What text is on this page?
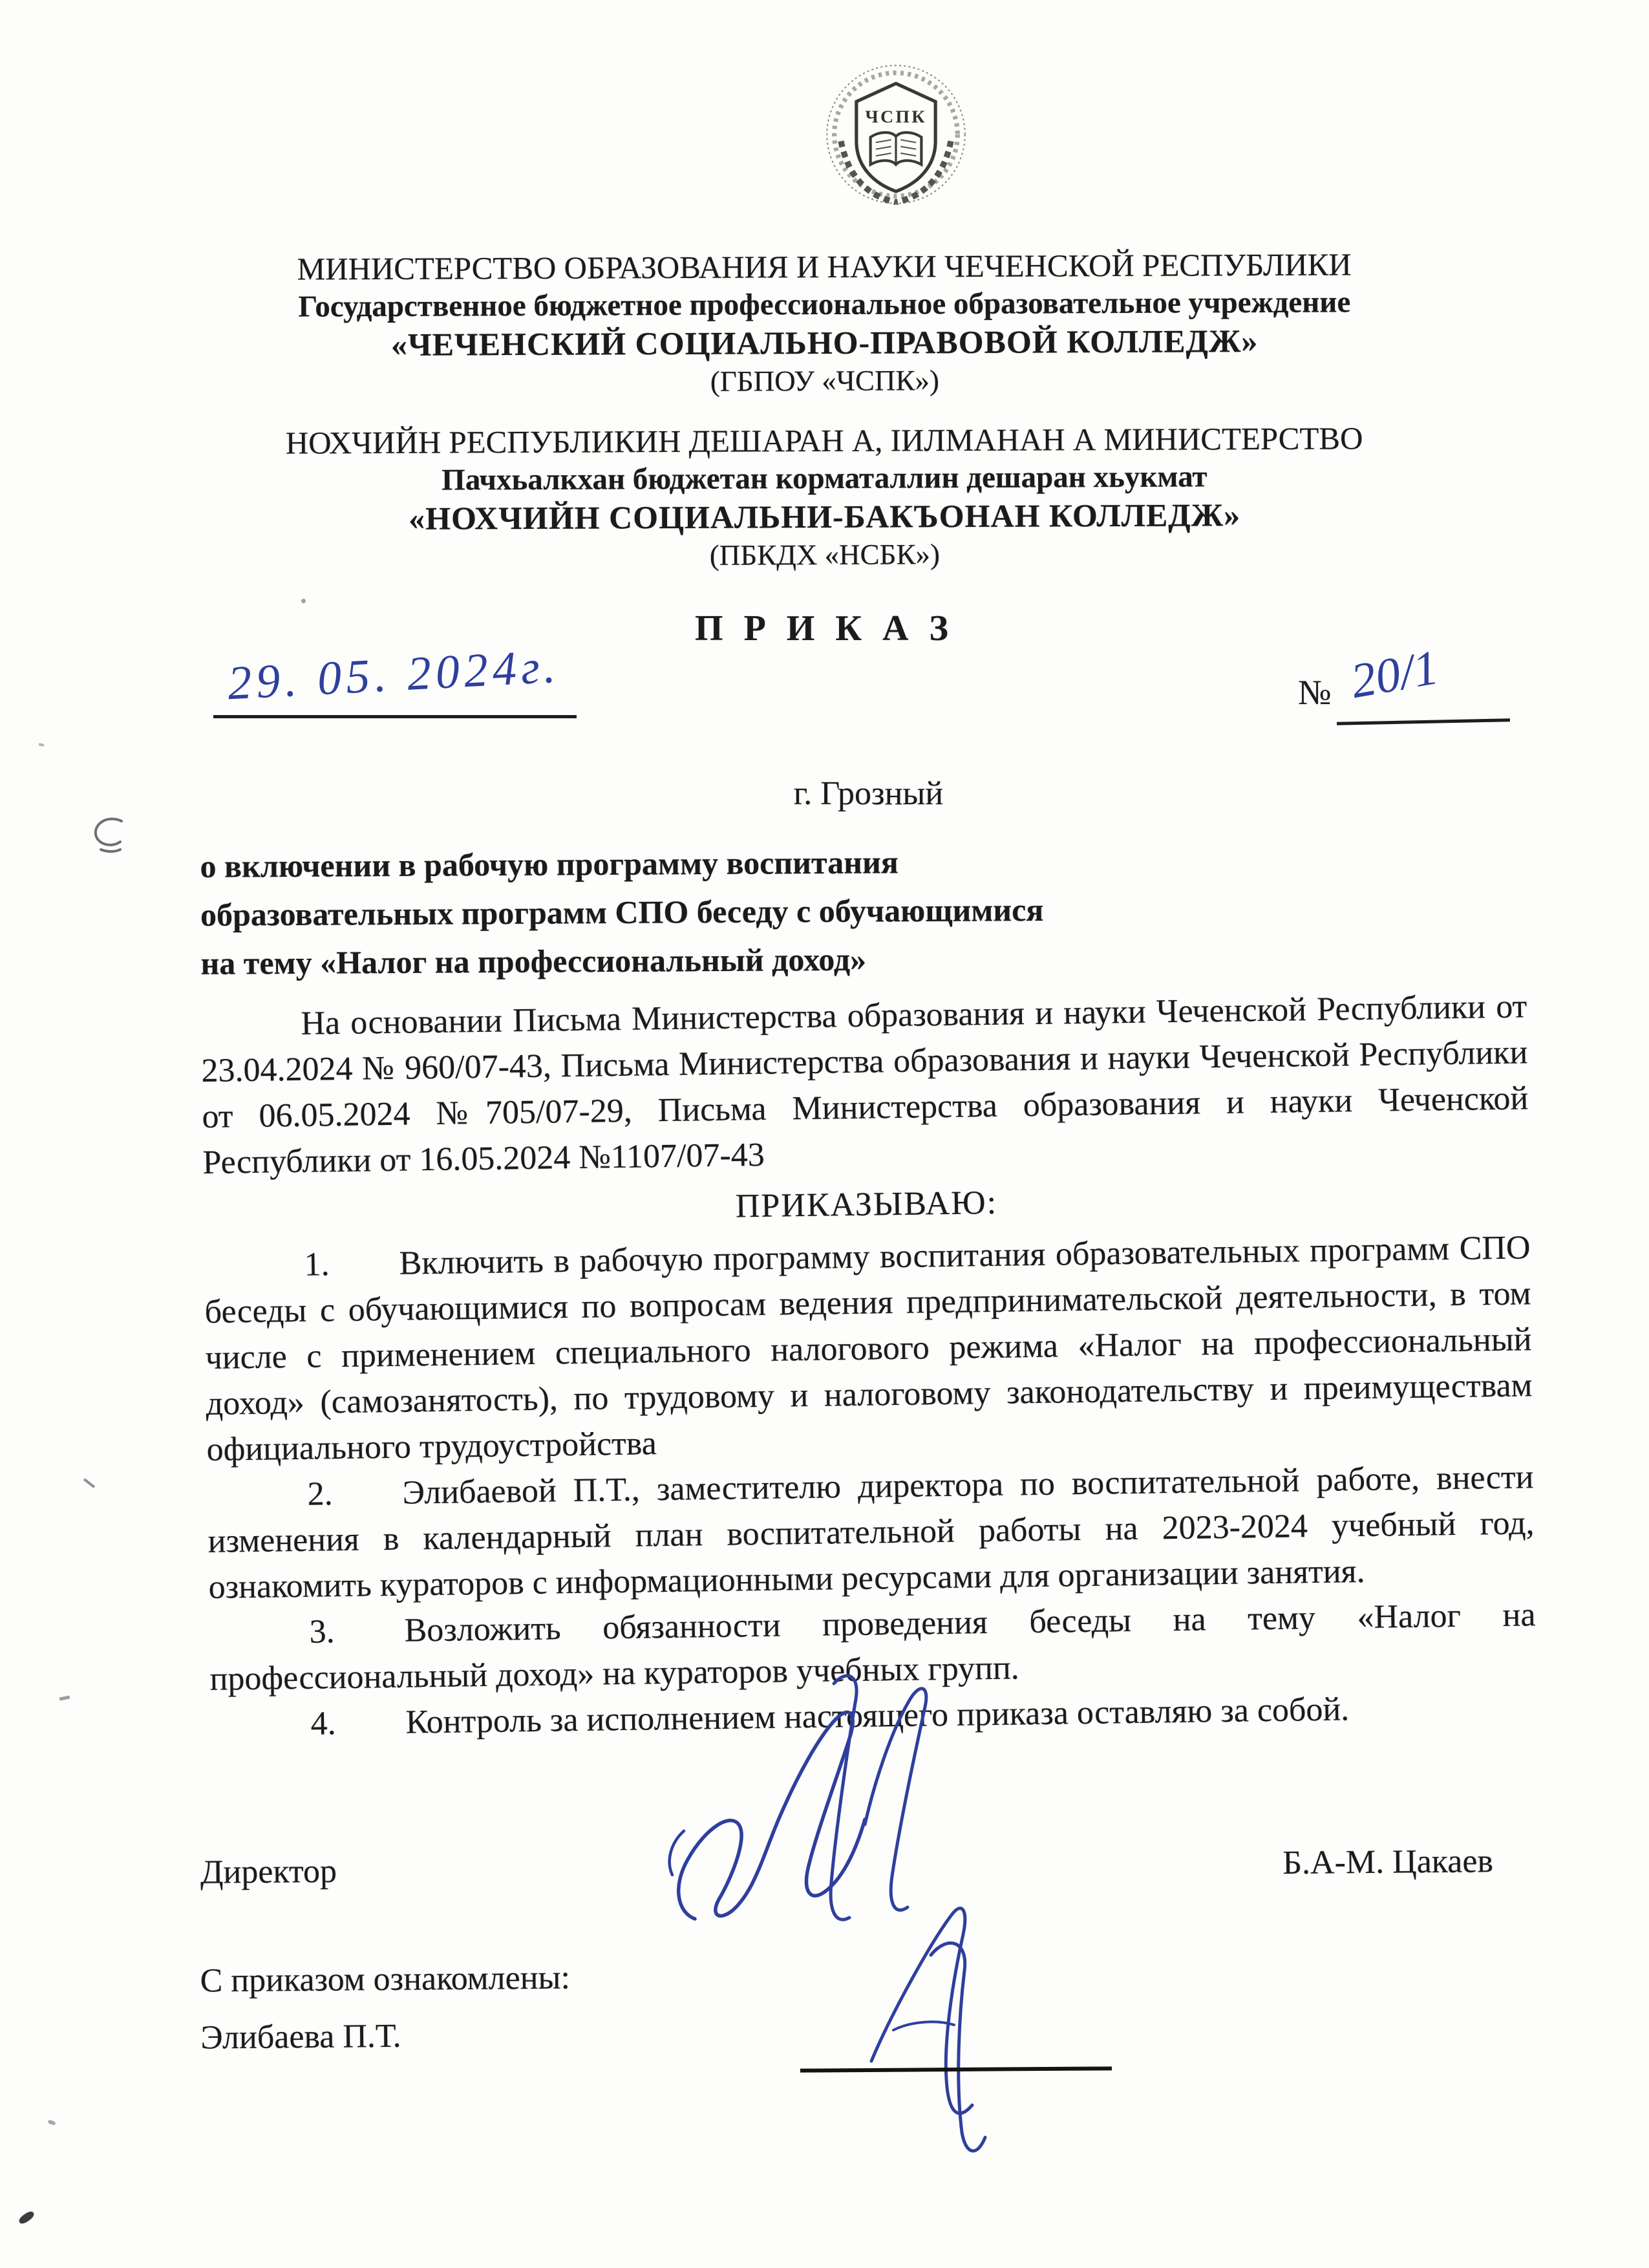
ЧСПК
МИНИСТЕРСТВО ОБРАЗОВАНИЯ И НАУКИ ЧЕЧЕНСКОЙ РЕСПУБЛИКИ
Государственное бюджетное профессиональное образовательное учреждение
«ЧЕЧЕНСКИЙ СОЦИАЛЬНО-ПРАВОВОЙ КОЛЛЕДЖ»
(ГБПОУ «ЧСПК»)
НОХЧИЙН РЕСПУБЛИКИН ДЕШАРАН А, IИЛМАНАН А МИНИСТЕРСТВО
Пачхьалкхан бюджетан корматаллин дешаран хьукмат
«НОХЧИЙН СОЦИАЛЬНИ-БАКЪОНАН КОЛЛЕДЖ»
(ПБКДХ «НСБК»)
П Р И К А З
29. 05. 2024г.	№ 20/1
г. Грозный
о включении в рабочую программу воспитания
образовательных программ СПО беседу с обучающимися
на тему «Налог на профессиональный доход»

На основании Письма Министерства образования и науки Чеченской Республики от 23.04.2024 № 960/07-43, Письма Министерства образования и науки Чеченской Республики от 06.05.2024 №705/07-29, Письма Министерства образования и науки Чеченской Республики от 16.05.2024 №1107/07-43

ПРИКАЗЫВАЮ:

1. Включить в рабочую программу воспитания образовательных программ СПО беседы с обучающимися по вопросам ведения предпринимательской деятельности, в том числе с применением специального налогового режима «Налог на профессиональный доход» (самозанятость), по трудовому и налоговому законодательству и преимуществам официального трудоустройства

2. Элибаевой П.Т., заместителю директора по воспитательной работе, внести изменения в календарный план воспитательной работы на 2023-2024 учебный год, ознакомить кураторов с информационными ресурсами для организации занятия.

3. Возложить обязанности проведения беседы на тему «Налог на профессиональный доход» на кураторов учебных групп.

4. Контроль за исполнением настоящего приказа оставляю за собой.

Директор	Б.А-М. Цакаев
С приказом ознакомлены:
Элибаева П.Т.
